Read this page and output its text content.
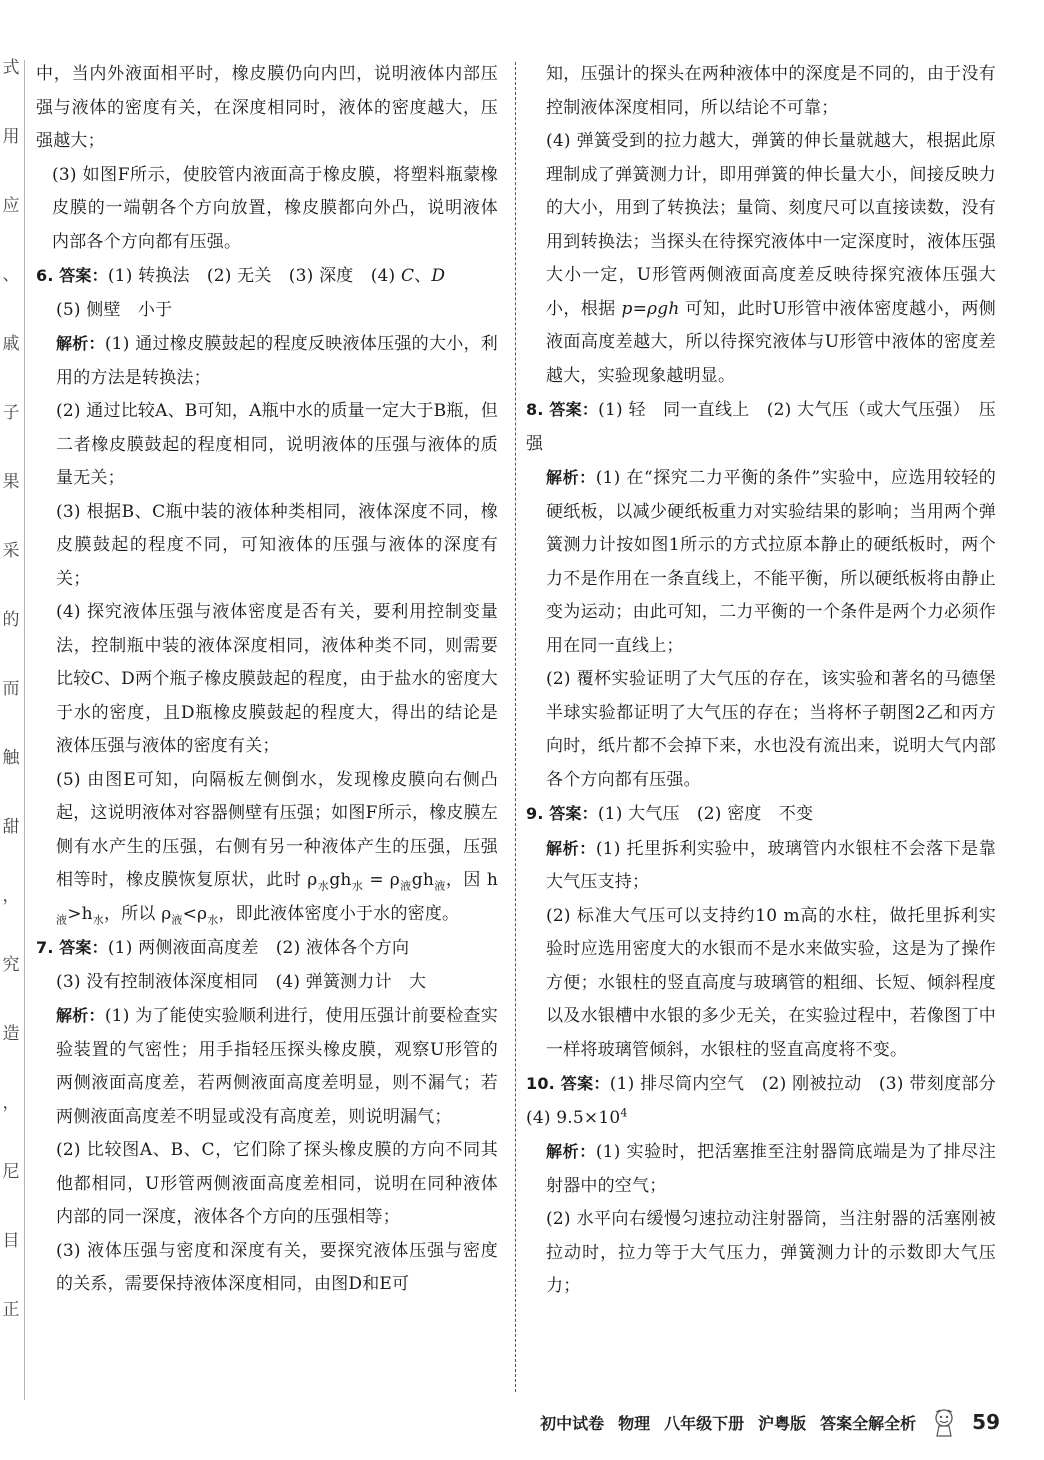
式
用
应
、
戚
子
果
采
的
而
触
甜
，
究
造
，
尼
目
正

中，当内外液面相平时，橡皮膜仍向内凹，说明液体内部压强与液体的密度有关，在深度相同时，液体的密度越大，压强越大；

(3) 如图F所示，使胶管内液面高于橡皮膜，将塑料瓶蒙橡皮膜的一端朝各个方向放置，橡皮膜都向外凸，说明液体内部各个方向都有压强。

6. 答案：(1) 转换法　(2) 无关　(3) 深度　(4) C、D

(5) 侧壁　小于

解析：(1) 通过橡皮膜鼓起的程度反映液体压强的大小，利用的方法是转换法；

(2) 通过比较A、B可知，A瓶中水的质量一定大于B瓶，但二者橡皮膜鼓起的程度相同，说明液体的压强与液体的质量无关；

(3) 根据B、C瓶中装的液体种类相同，液体深度不同，橡皮膜鼓起的程度不同，可知液体的压强与液体的深度有关；

(4) 探究液体压强与液体密度是否有关，要利用控制变量法，控制瓶中装的液体深度相同，液体种类不同，则需要比较C、D两个瓶子橡皮膜鼓起的程度，由于盐水的密度大于水的密度，且D瓶橡皮膜鼓起的程度大，得出的结论是液体压强与液体的密度有关；

(5) 由图E可知，向隔板左侧倒水，发现橡皮膜向右侧凸起，这说明液体对容器侧壁有压强；如图F所示，橡皮膜左侧有水产生的压强，右侧有另一种液体产生的压强，压强相等时，橡皮膜恢复原状，此时 $\rho_水gh_水 = \rho_液gh_液$，因 $h_液>h_水$，所以 $\rho_液<\rho_水$，即此液体密度小于水的密度。

7. 答案：(1) 两侧液面高度差　(2) 液体各个方向

(3) 没有控制液体深度相同　(4) 弹簧测力计　大

解析：(1) 为了能使实验顺利进行，使用压强计前要检查实验装置的气密性；用手指轻压探头橡皮膜，观察U形管的两侧液面高度差，若两侧液面高度差明显，则不漏气；若两侧液面高度差不明显或没有高度差，则说明漏气；

(2) 比较图A、B、C，它们除了探头橡皮膜的方向不同其他都相同，U形管两侧液面高度差相同，说明在同种液体内部的同一深度，液体各个方向的压强相等；

(3) 液体压强与密度和深度有关，要探究液体压强与密度的关系，需要保持液体深度相同，由图D和E可

知，压强计的探头在两种液体中的深度是不同的，由于没有控制液体深度相同，所以结论不可靠；

(4) 弹簧受到的拉力越大，弹簧的伸长量就越大，根据此原理制成了弹簧测力计，即用弹簧的伸长量大小，间接反映力的大小，用到了转换法；量筒、刻度尺可以直接读数，没有用到转换法；当探头在待探究液体中一定深度时，液体压强大小一定，U形管两侧液面高度差反映待探究液体压强大小，根据 p=ρgh 可知，此时U形管中液体密度越小，两侧液面高度差越大，所以待探究液体与U形管中液体的密度差越大，实验现象越明显。

8. 答案：(1) 轻　同一直线上　(2) 大气压（或大气压强）　压强

解析：(1) 在“探究二力平衡的条件”实验中，应选用较轻的硬纸板，以减少硬纸板重力对实验结果的影响；当用两个弹簧测力计按如图1所示的方式拉原本静止的硬纸板时，两个力不是作用在一条直线上，不能平衡，所以硬纸板将由静止变为运动；由此可知，二力平衡的一个条件是两个力必须作用在同一直线上；

(2) 覆杯实验证明了大气压的存在，该实验和著名的马德堡半球实验都证明了大气压的存在；当将杯子朝图2乙和丙方向时，纸片都不会掉下来，水也没有流出来，说明大气内部各个方向都有压强。

9. 答案：(1) 大气压　(2) 密度　不变

解析：(1) 托里拆利实验中，玻璃管内水银柱不会落下是靠大气压支持；

(2) 标准大气压可以支持约10 m高的水柱，做托里拆利实验时应选用密度大的水银而不是水来做实验，这是为了操作方便；水银柱的竖直高度与玻璃管的粗细、长短、倾斜程度以及水银槽中水银的多少无关，在实验过程中，若像图丁中一样将玻璃管倾斜，水银柱的竖直高度将不变。

10. 答案：(1) 排尽筒内空气　(2) 刚被拉动　(3) 带刻度部分　(4) $9.5\times 10^4$

解析：(1) 实验时，把活塞推至注射器筒底端是为了排尽注射器中的空气；

(2) 水平向右缓慢匀速拉动注射器筒，当注射器的活塞刚被拉动时，拉力等于大气压力，弹簧测力计的示数即大气压力；

初中试卷 物理 八年级下册 沪粤版 答案全解全析	59
